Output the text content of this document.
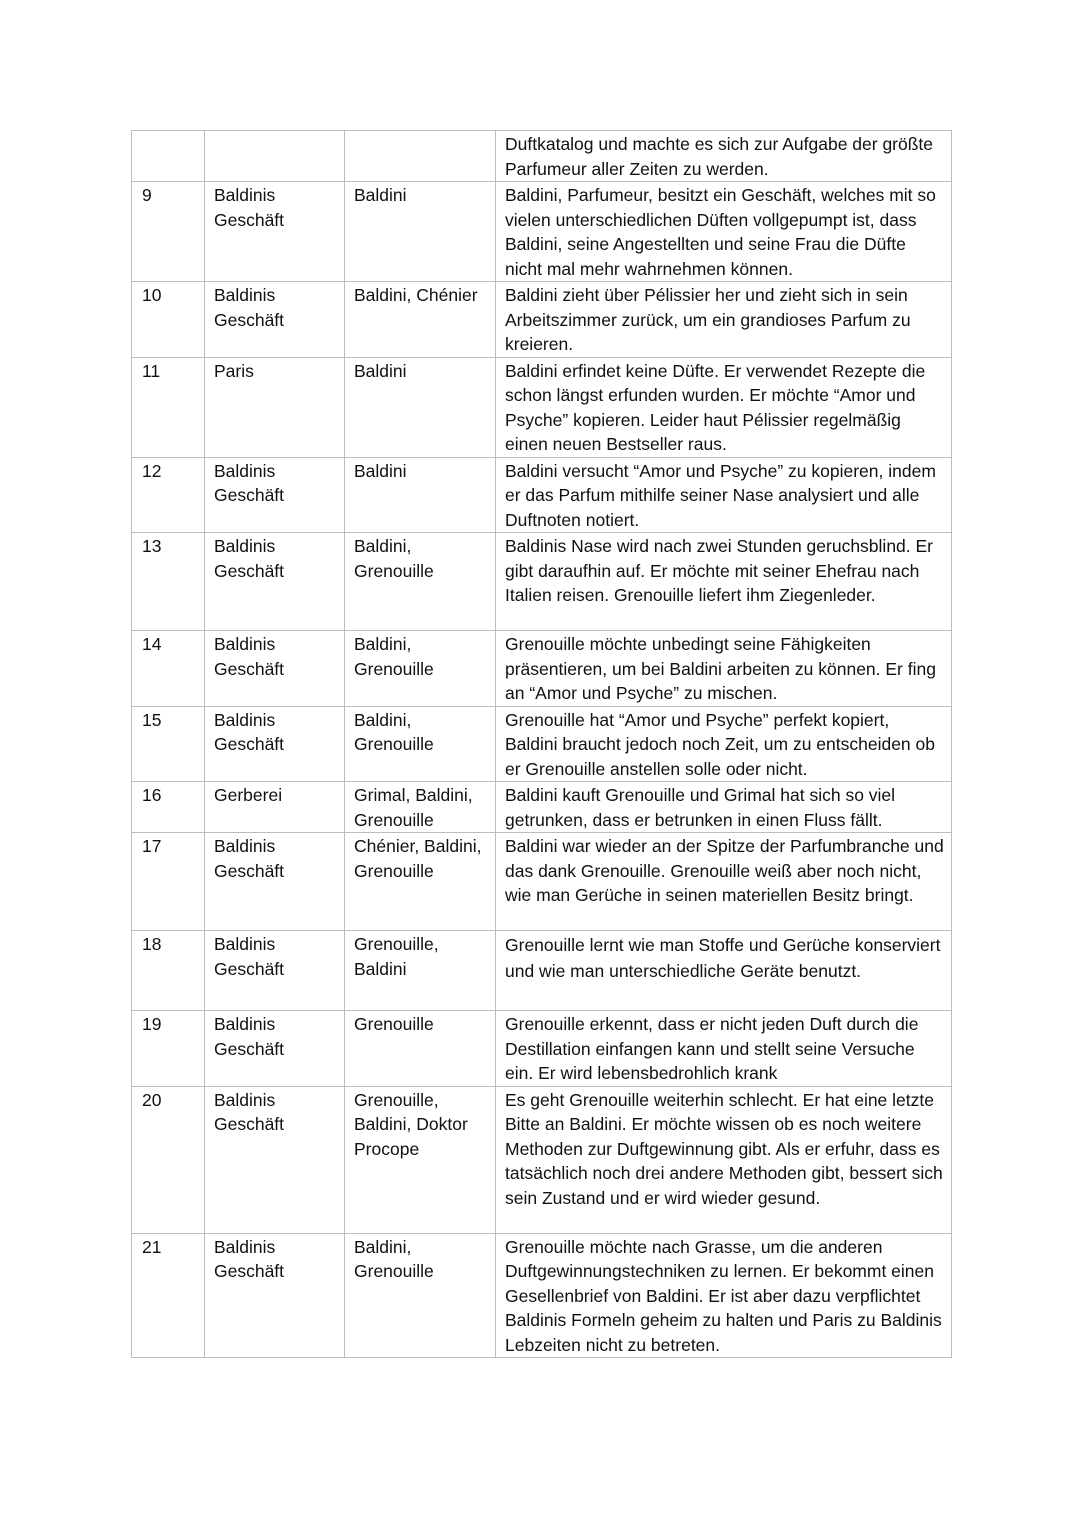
			Duftkatalog und machte es sich zur Aufgabe der größte Parfumeur aller Zeiten zu werden.
9	Baldinis Geschäft	Baldini	Baldini, Parfumeur, besitzt ein Geschäft, welches mit so vielen unterschiedlichen Düften vollgepumpt ist, dass Baldini, seine Angestellten und seine Frau die Düfte nicht mal mehr wahrnehmen können.
10	Baldinis Geschäft	Baldini, Chénier	Baldini zieht über Pélissier her und zieht sich in sein Arbeitszimmer zurück, um ein grandioses Parfum zu kreieren.
11	Paris	Baldini	Baldini erfindet keine Düfte. Er verwendet Rezepte die schon längst erfunden wurden. Er möchte “Amor und Psyche” kopieren. Leider haut Pélissier regelmäßig einen neuen Bestseller raus.
12	Baldinis Geschäft	Baldini	Baldini versucht “Amor und Psyche” zu kopieren, indem er das Parfum mithilfe seiner Nase analysiert und alle Duftnoten notiert.
13	Baldinis Geschäft	Baldini, Grenouille	Baldinis Nase wird nach zwei Stunden geruchsblind. Er gibt daraufhin auf. Er möchte mit seiner Ehefrau nach Italien reisen. Grenouille liefert ihm Ziegenleder.
14	Baldinis Geschäft	Baldini, Grenouille	Grenouille möchte unbedingt seine Fähigkeiten präsentieren, um bei Baldini arbeiten zu können. Er fing an “Amor und Psyche” zu mischen.
15	Baldinis Geschäft	Baldini, Grenouille	Grenouille hat “Amor und Psyche” perfekt kopiert, Baldini braucht jedoch noch Zeit, um zu entscheiden ob er Grenouille anstellen solle oder nicht.
16	Gerberei	Grimal, Baldini, Grenouille	Baldini kauft Grenouille und Grimal hat sich so viel getrunken, dass er betrunken in einen Fluss fällt.
17	Baldinis Geschäft	Chénier, Baldini, Grenouille	Baldini war wieder an der Spitze der Parfumbranche und das dank Grenouille. Grenouille weiß aber noch nicht, wie man Gerüche in seinen materiellen Besitz bringt.
18	Baldinis Geschäft	Grenouille, Baldini	Grenouille lernt wie man Stoffe und Gerüche konserviert und wie man unterschiedliche Geräte benutzt.
19	Baldinis Geschäft	Grenouille	Grenouille erkennt, dass er nicht jeden Duft durch die Destillation einfangen kann und stellt seine Versuche ein. Er wird lebensbedrohlich krank
20	Baldinis Geschäft	Grenouille, Baldini, Doktor Procope	Es geht Grenouille weiterhin schlecht. Er hat eine letzte Bitte an Baldini. Er möchte wissen ob es noch weitere Methoden zur Duftgewinnung gibt. Als er erfuhr, dass es tatsächlich noch drei andere Methoden gibt, bessert sich sein Zustand und er wird wieder gesund.
21	Baldinis Geschäft	Baldini, Grenouille	Grenouille möchte nach Grasse, um die anderen Duftgewinnungstechniken zu lernen. Er bekommt einen Gesellenbrief von Baldini. Er ist aber dazu verpflichtet Baldinis Formeln geheim zu halten und Paris zu Baldinis Lebzeiten nicht zu betreten.
